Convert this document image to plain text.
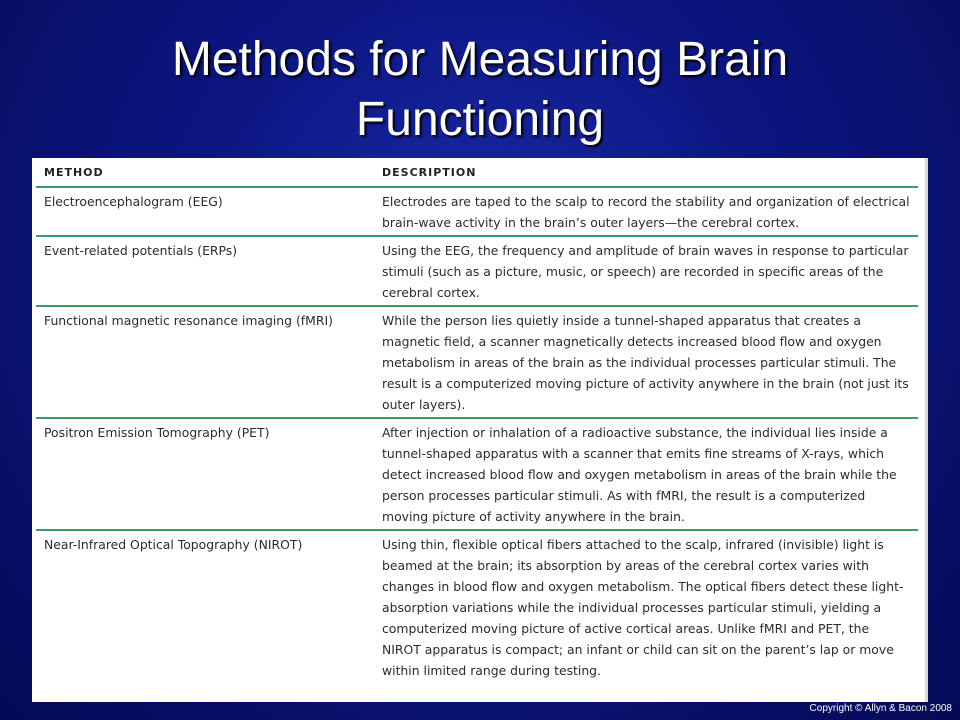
Methods for Measuring Brain
Functioning
METHOD	DESCRIPTION
Electroencephalogram (EEG)	Electrodes are taped to the scalp to record the stability and organization of electrical brain-wave activity in the brain’s outer layers—the cerebral cortex.
Event-related potentials (ERPs)	Using the EEG, the frequency and amplitude of brain waves in response to particular stimuli (such as a picture, music, or speech) are recorded in specific areas of the cerebral cortex.
Functional magnetic resonance imaging (fMRI)	While the person lies quietly inside a tunnel-shaped apparatus that creates a magnetic field, a scanner magnetically detects increased blood flow and oxygen metabolism in areas of the brain as the individual processes particular stimuli. The result is a computerized moving picture of activity anywhere in the brain (not just its outer layers).
Positron Emission Tomography (PET)	After injection or inhalation of a radioactive substance, the individual lies inside a tunnel-shaped apparatus with a scanner that emits fine streams of X-rays, which detect increased blood flow and oxygen metabolism in areas of the brain while the person processes particular stimuli. As with fMRI, the result is a computerized moving picture of activity anywhere in the brain.
Near-Infrared Optical Topography (NIROT)	Using thin, flexible optical fibers attached to the scalp, infrared (invisible) light is beamed at the brain; its absorption by areas of the cerebral cortex varies with changes in blood flow and oxygen metabolism. The optical fibers detect these light-absorption variations while the individual processes particular stimuli, yielding a computerized moving picture of active cortical areas. Unlike fMRI and PET, the NIROT apparatus is compact; an infant or child can sit on the parent’s lap or move within limited range during testing.
Copyright © Allyn & Bacon 2008
